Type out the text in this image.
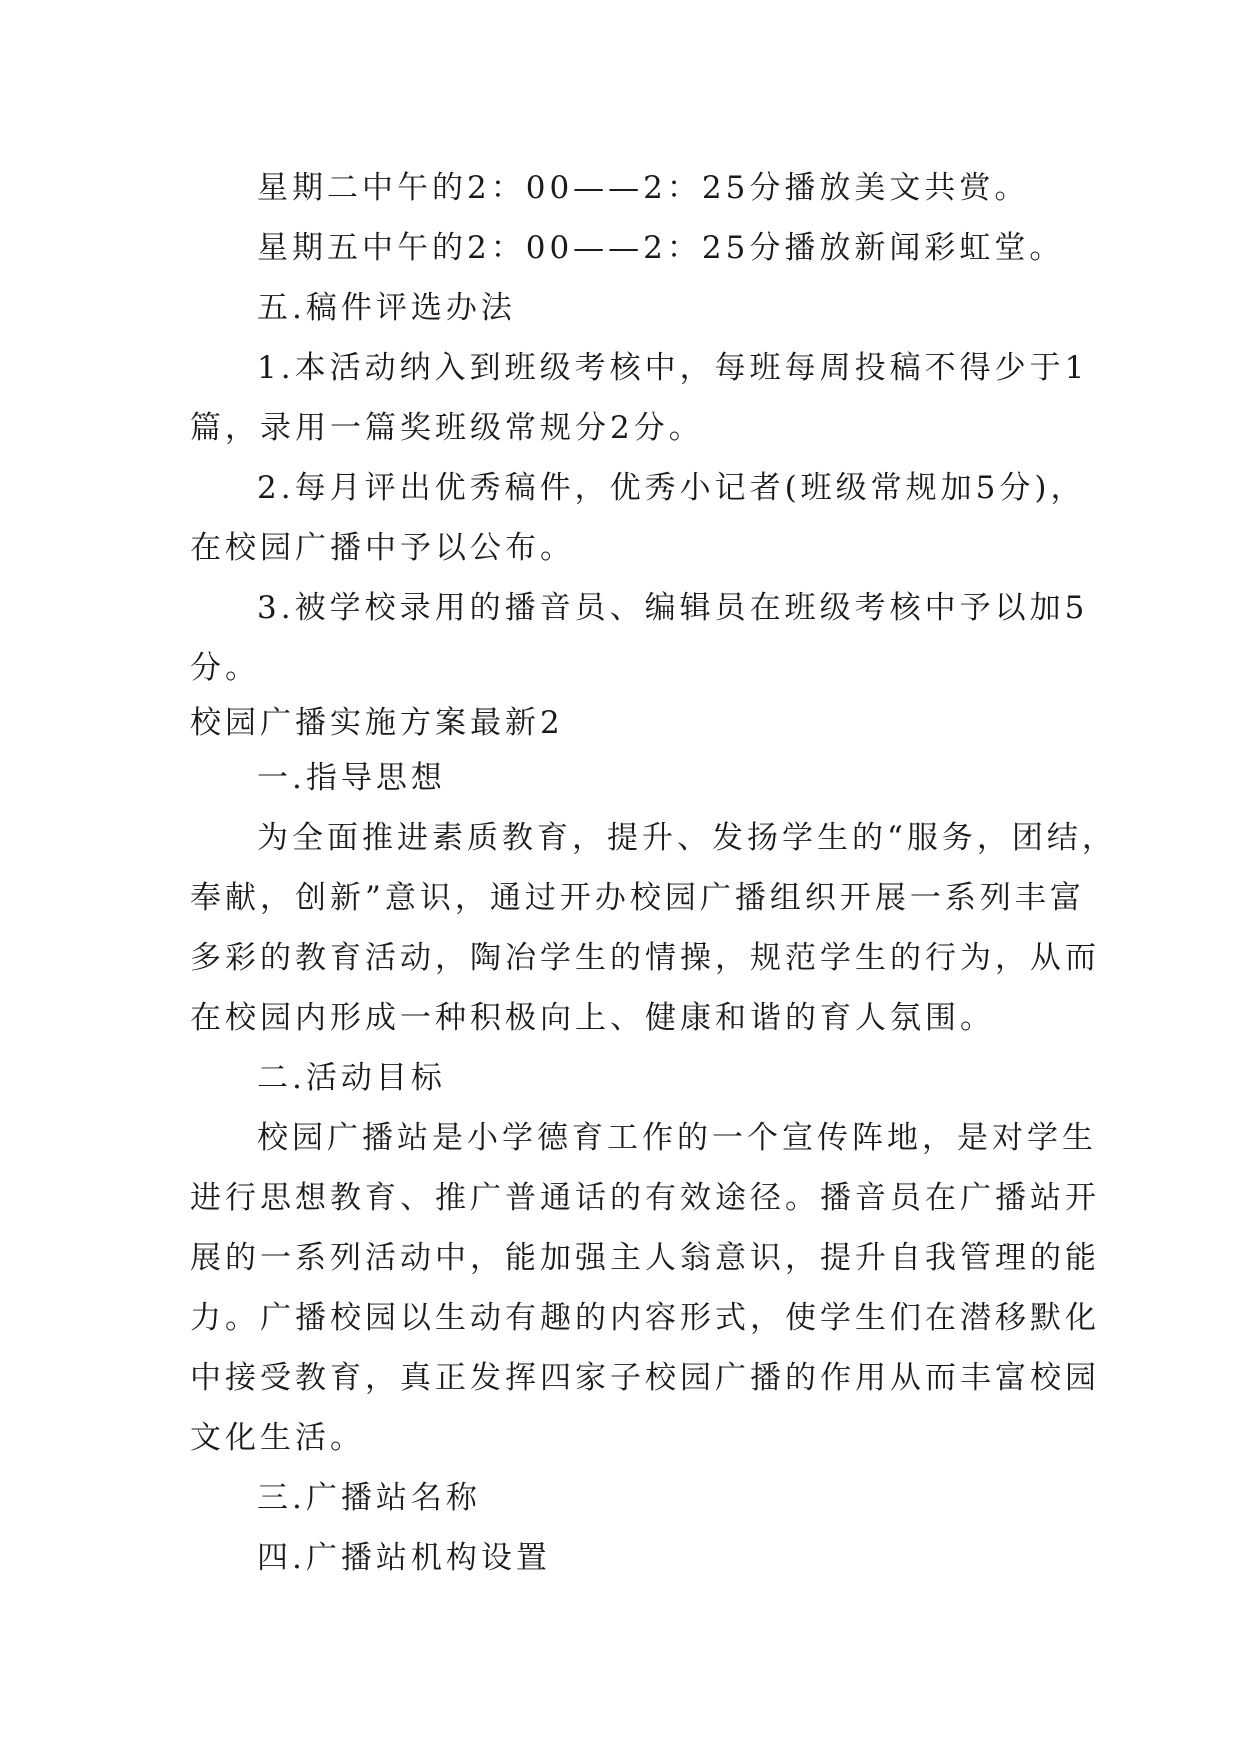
星期二中午的2：00——2：25分播放美文共赏。
星期五中午的2：00——2：25分播放新闻彩虹堂。
五.稿件评选办法
1.本活动纳入到班级考核中，每班每周投稿不得少于1
篇，录用一篇奖班级常规分2分。
2.每月评出优秀稿件，优秀小记者(班级常规加5分)，
在校园广播中予以公布。
3.被学校录用的播音员、编辑员在班级考核中予以加5
分。
校园广播实施方案最新2
一.指导思想
为全面推进素质教育，提升、发扬学生的“服务，团结，
奉献，创新”意识，通过开办校园广播组织开展一系列丰富
多彩的教育活动，陶冶学生的情操，规范学生的行为，从而
在校园内形成一种积极向上、健康和谐的育人氛围。
二.活动目标
校园广播站是小学德育工作的一个宣传阵地，是对学生
进行思想教育、推广普通话的有效途径。播音员在广播站开
展的一系列活动中，能加强主人翁意识，提升自我管理的能
力。广播校园以生动有趣的内容形式，使学生们在潜移默化
中接受教育，真正发挥四家子校园广播的作用从而丰富校园
文化生活。
三.广播站名称
四.广播站机构设置
